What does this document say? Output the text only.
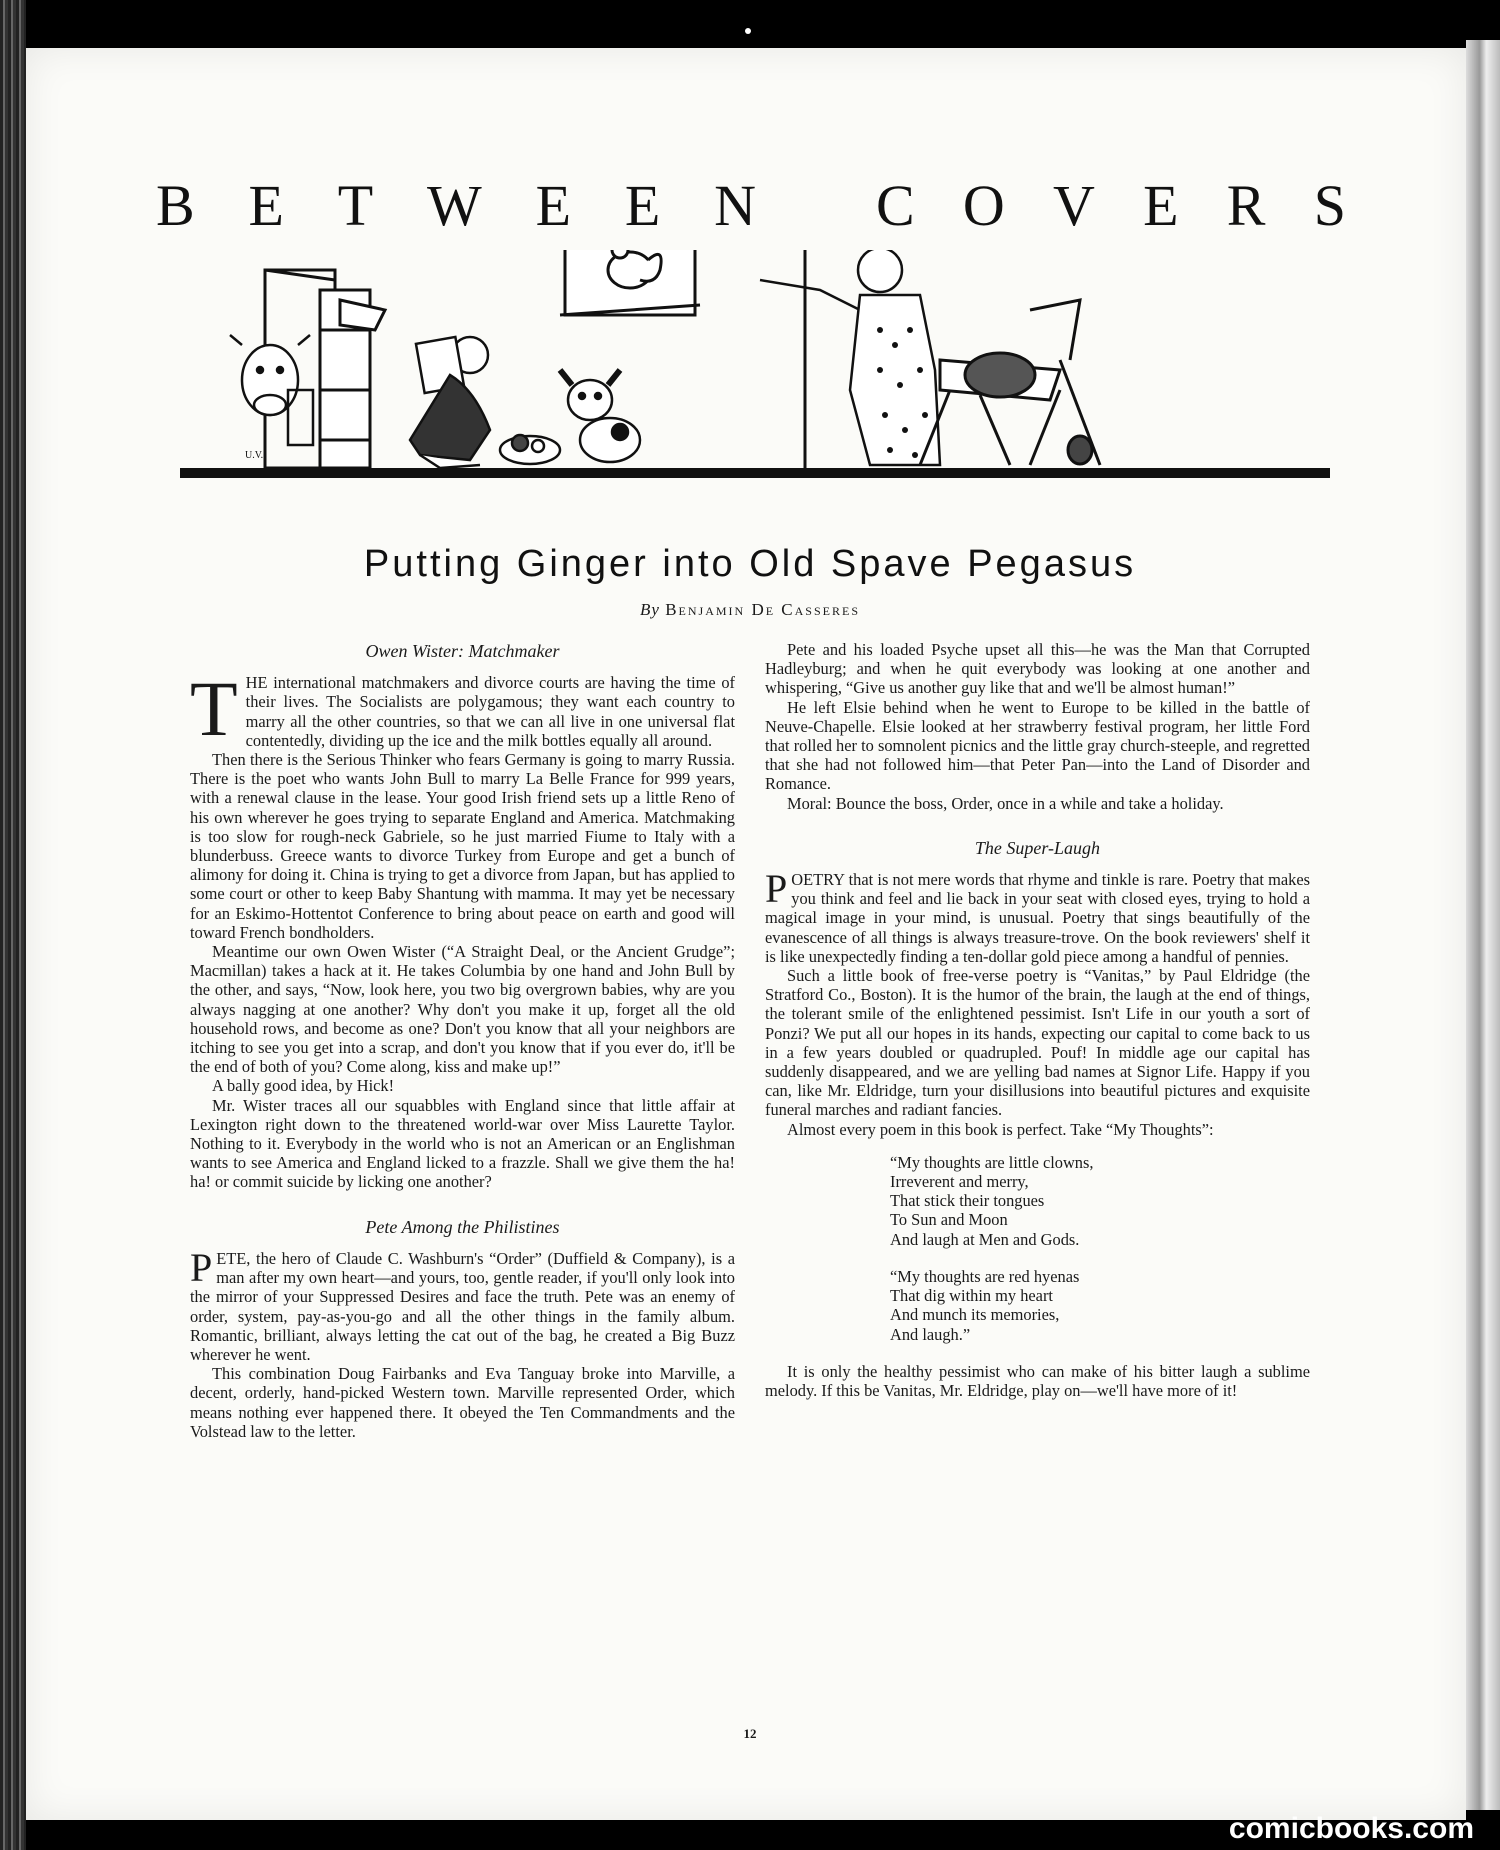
B E T W E E N C O V E R S
U.V.
Putting Ginger into Old Spave Pegasus
By Benjamin De Casseres
Owen Wister: Matchmaker

THE international matchmakers and divorce courts are having the time of their lives. The Socialists are polygamous; they want each country to marry all the other countries, so that we can all live in one universal flat contentedly, dividing up the ice and the milk bottles equally all around.

Then there is the Serious Thinker who fears Germany is going to marry Russia. There is the poet who wants John Bull to marry La Belle France for 999 years, with a renewal clause in the lease. Your good Irish friend sets up a little Reno of his own wherever he goes trying to separate England and America. Matchmaking is too slow for rough-neck Gabriele, so he just married Fiume to Italy with a blunderbuss. Greece wants to divorce Turkey from Europe and get a bunch of alimony for doing it. China is trying to get a divorce from Japan, but has applied to some court or other to keep Baby Shantung with mamma. It may yet be necessary for an Eskimo-Hottentot Conference to bring about peace on earth and good will toward French bondholders.

Meantime our own Owen Wister (“A Straight Deal, or the Ancient Grudge”; Macmillan) takes a hack at it. He takes Columbia by one hand and John Bull by the other, and says, “Now, look here, you two big overgrown babies, why are you always nagging at one another? Why don't you make it up, forget all the old household rows, and become as one? Don't you know that all your neighbors are itching to see you get into a scrap, and don't you know that if you ever do, it'll be the end of both of you? Come along, kiss and make up!”

A bally good idea, by Hick!

Mr. Wister traces all our squabbles with England since that little affair at Lexington right down to the threatened world-war over Miss Laurette Taylor. Nothing to it. Everybody in the world who is not an American or an Englishman wants to see America and England licked to a frazzle. Shall we give them the ha! ha! or commit suicide by licking one another?

Pete Among the Philistines

PETE, the hero of Claude C. Washburn's “Order” (Duffield & Company), is a man after my own heart—and yours, too, gentle reader, if you'll only look into the mirror of your Suppressed Desires and face the truth. Pete was an enemy of order, system, pay-as-you-go and all the other things in the family album. Romantic, brilliant, always letting the cat out of the bag, he created a Big Buzz wherever he went.

This combination Doug Fairbanks and Eva Tanguay broke into Marville, a decent, orderly, hand-picked Western town. Marville represented Order, which means nothing ever happened there. It obeyed the Ten Commandments and the Volstead law to the letter.

Pete and his loaded Psyche upset all this—he was the Man that Corrupted Hadleyburg; and when he quit everybody was looking at one another and whispering, “Give us another guy like that and we'll be almost human!”

He left Elsie behind when he went to Europe to be killed in the battle of Neuve-Chapelle. Elsie looked at her strawberry festival program, her little Ford that rolled her to somnolent picnics and the little gray church-steeple, and regretted that she had not followed him—that Peter Pan—into the Land of Disorder and Romance.

Moral: Bounce the boss, Order, once in a while and take a holiday.

The Super-Laugh

POETRY that is not mere words that rhyme and tinkle is rare. Poetry that makes you think and feel and lie back in your seat with closed eyes, trying to hold a magical image in your mind, is unusual. Poetry that sings beautifully of the evanescence of all things is always treasure-trove. On the book reviewers' shelf it is like unexpectedly finding a ten-dollar gold piece among a handful of pennies.

Such a little book of free-verse poetry is “Vanitas,” by Paul Eldridge (the Stratford Co., Boston). It is the humor of the brain, the laugh at the end of things, the tolerant smile of the enlightened pessimist. Isn't Life in our youth a sort of Ponzi? We put all our hopes in its hands, expecting our capital to come back to us in a few years doubled or quadrupled. Pouf! In middle age our capital has suddenly disappeared, and we are yelling bad names at Signor Life. Happy if you can, like Mr. Eldridge, turn your disillusions into beautiful pictures and exquisite funeral marches and radiant fancies.

Almost every poem in this book is perfect. Take “My Thoughts”:

“My thoughts are little clowns,
Irreverent and merry,
That stick their tongues
To Sun and Moon
And laugh at Men and Gods.
“My thoughts are red hyenas
That dig within my heart
And munch its memories,
And laugh.”

It is only the healthy pessimist who can make of his bitter laugh a sublime melody. If this be Vanitas, Mr. Eldridge, play on—we'll have more of it!

12
comicbooks.com
